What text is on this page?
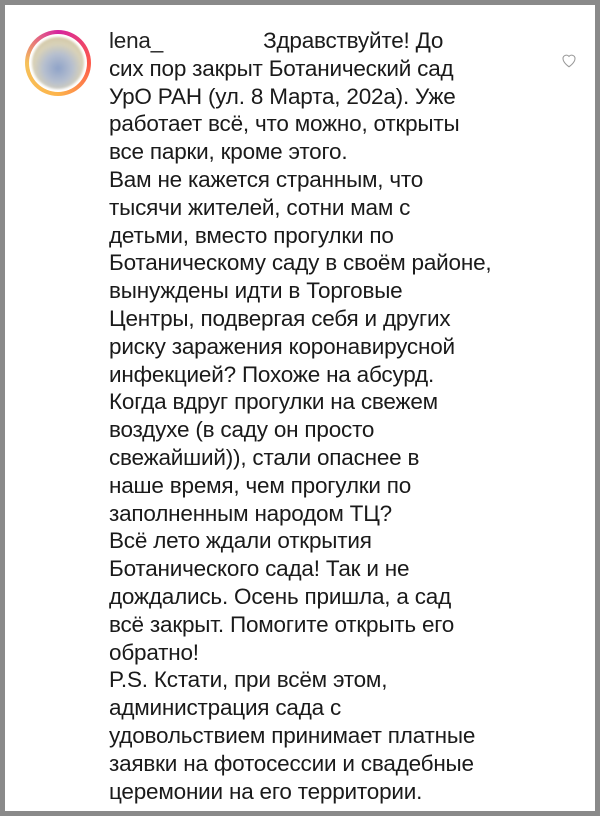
lena_	Здравствуйте! До
сих пор закрыт Ботанический сад
УрО РАН (ул. 8 Марта, 202а). Уже
работает всё, что можно, открыты
все парки, кроме этого.
Вам не кажется странным, что
тысячи жителей, сотни мам с
детьми, вместо прогулки по
Ботаническому саду в своём районе,
вынуждены идти в Торговые
Центры, подвергая себя и других
риску заражения коронавирусной
инфекцией? Похоже на абсурд.
Когда вдруг прогулки на свежем
воздухе (в саду он просто
свежайший)), стали опаснее в
наше время, чем прогулки по
заполненным народом ТЦ?
Всё лето ждали открытия
Ботанического сада! Так и не
дождались. Осень пришла, а сад
всё закрыт. Помогите открыть его
обратно!
P.S. Кстати, при всём этом,
администрация сада с
удовольствием принимает платные
заявки на фотосессии и свадебные
церемонии на его территории.
